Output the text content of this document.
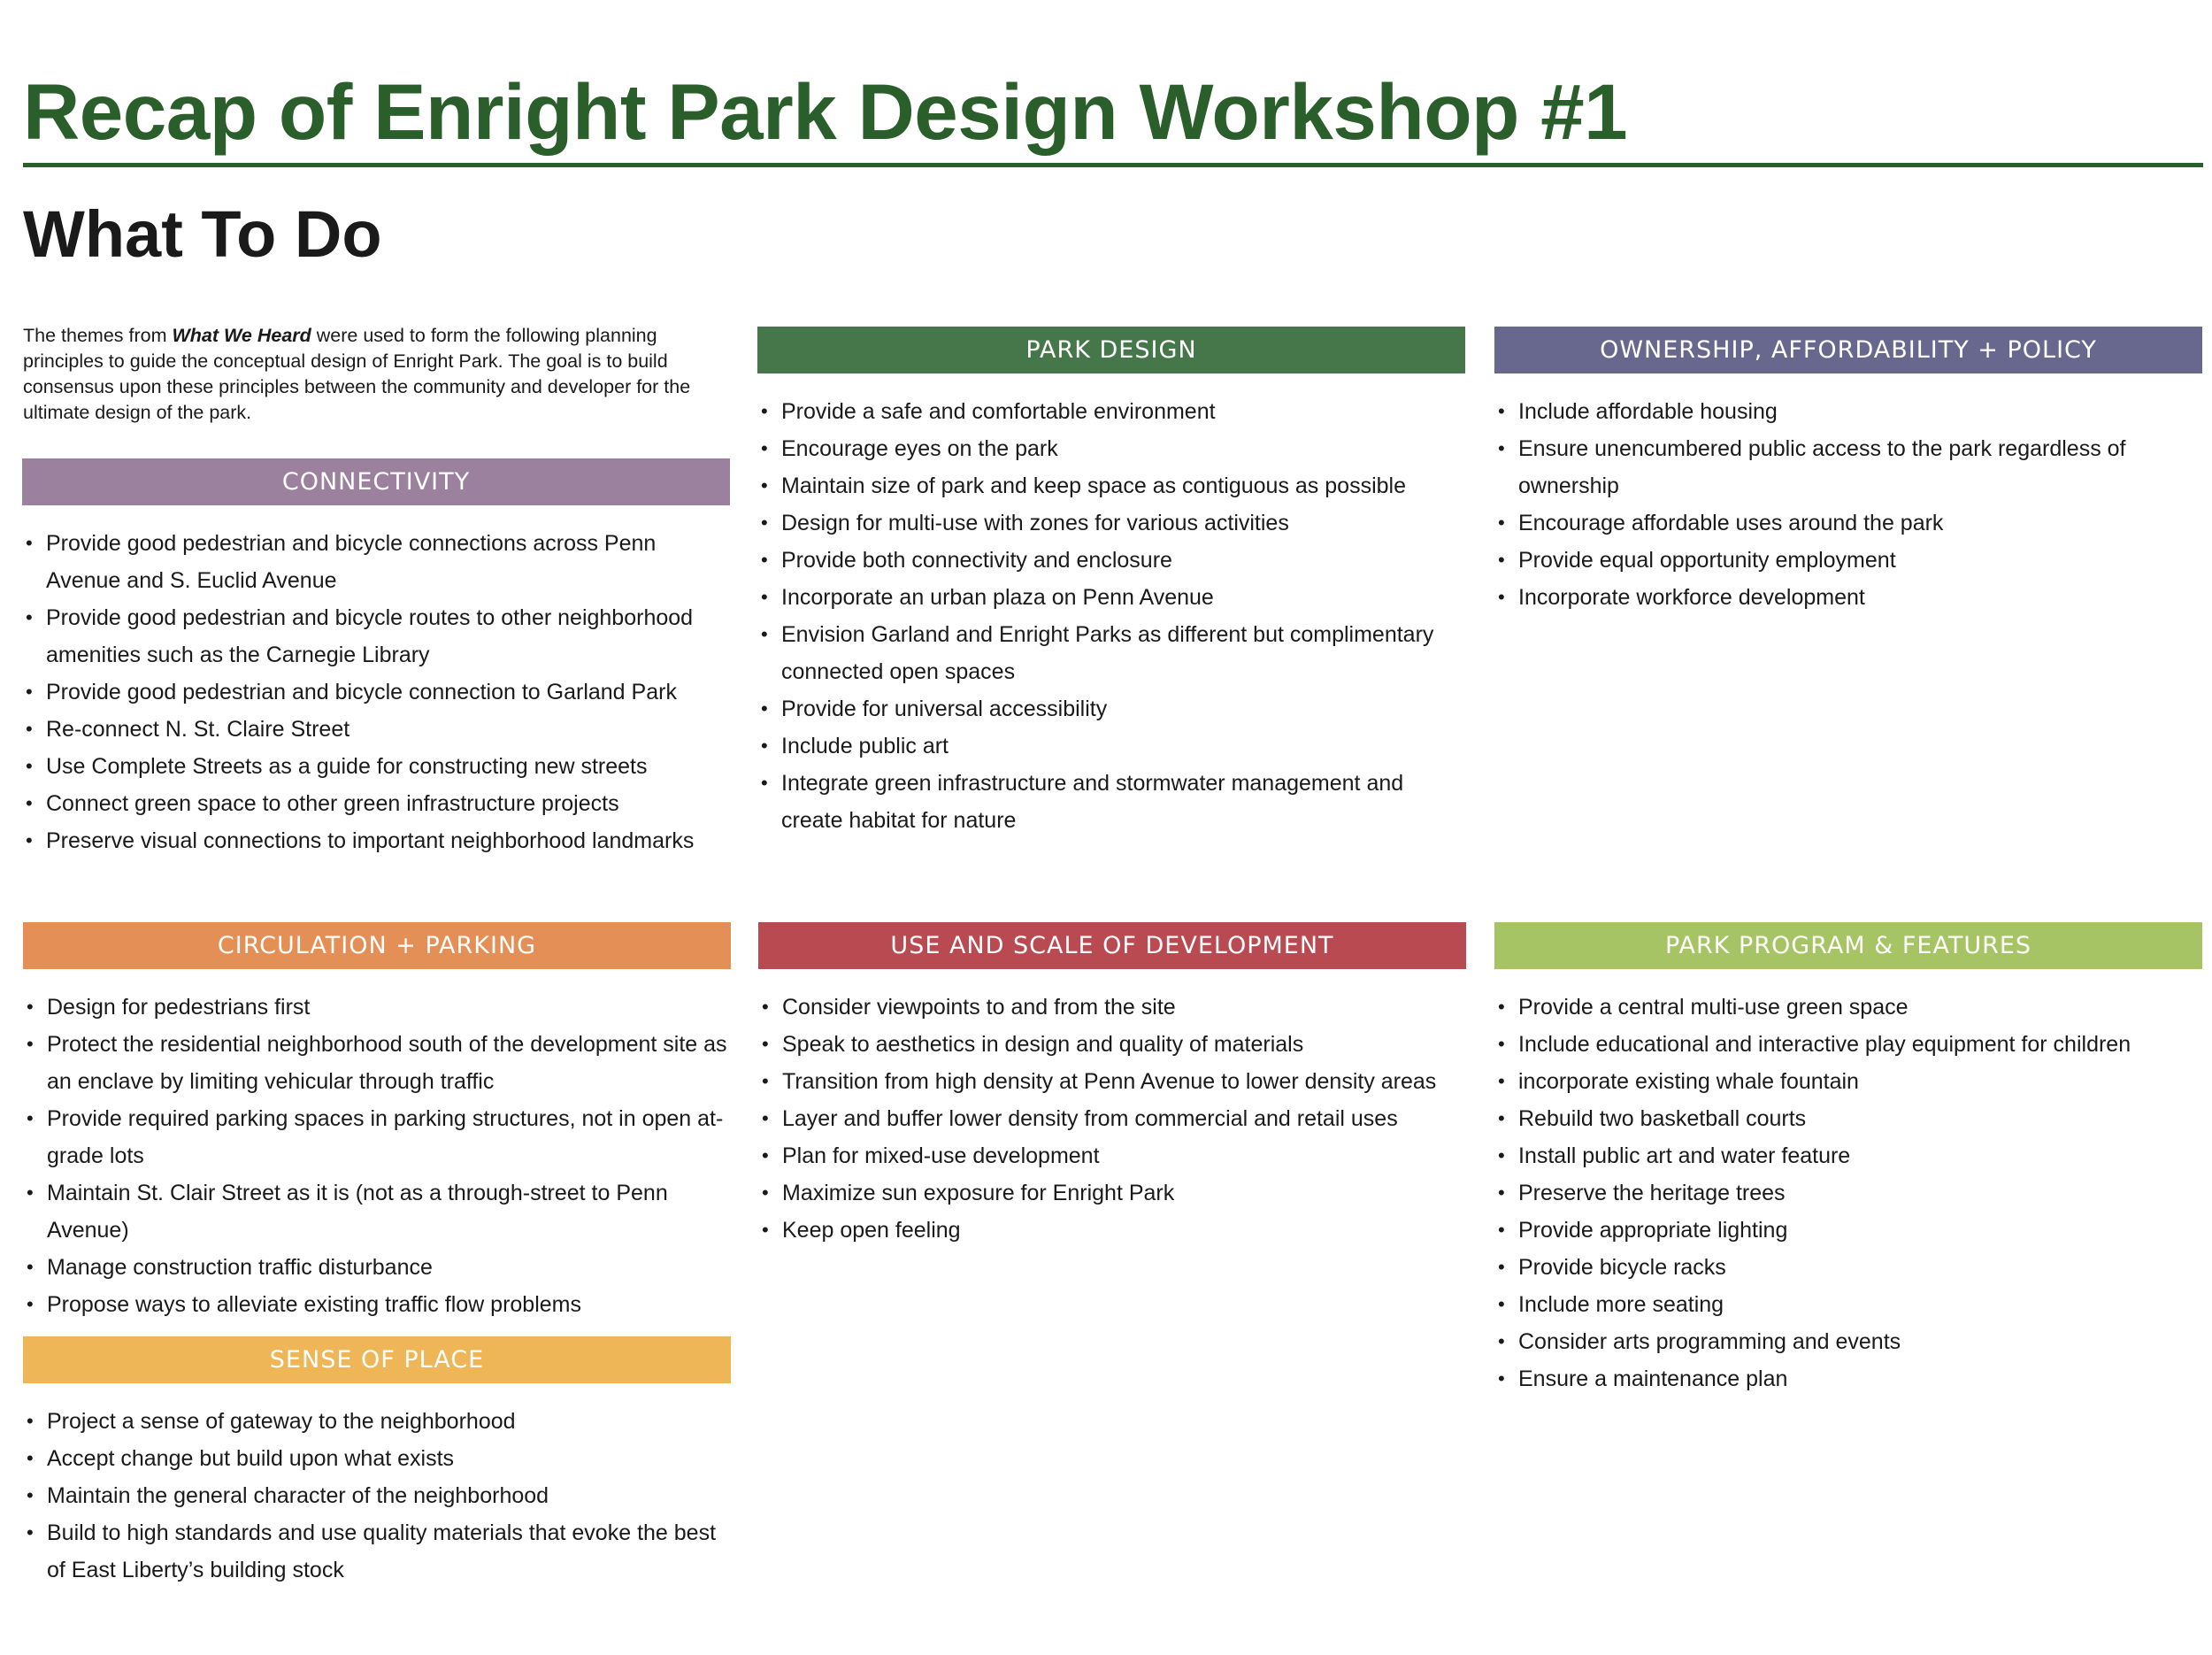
Recap of Enright Park Design Workshop #1
What To Do

The themes from What We Heard were used to form the following planning principles to guide the conceptual design of Enright Park. The goal is to build consensus upon these principles between the community and developer for the ultimate design of the park.

CONNECTIVITY
• Provide good pedestrian and bicycle connections across Penn Avenue and S. Euclid Avenue
• Provide good pedestrian and bicycle routes to other neighborhood amenities such as the Carnegie Library
• Provide good pedestrian and bicycle connection to Garland Park
• Re-connect N. St. Claire Street
• Use Complete Streets as a guide for constructing new streets
• Connect green space to other green infrastructure projects
• Preserve visual connections to important neighborhood landmarks
PARK DESIGN
• Provide a safe and comfortable environment
• Encourage eyes on the park
• Maintain size of park and keep space as contiguous as possible
• Design for multi-use with zones for various activities
• Provide both connectivity and enclosure
• Incorporate an urban plaza on Penn Avenue
• Envision Garland and Enright Parks as different but complimentary connected open spaces
• Provide for universal accessibility
• Include public art
• Integrate green infrastructure and stormwater management and create habitat for nature
OWNERSHIP, AFFORDABILITY + POLICY
• Include affordable housing
• Ensure unencumbered public access to the park regardless of ownership
• Encourage affordable uses around the park
• Provide equal opportunity employment
• Incorporate workforce development
CIRCULATION + PARKING
• Design for pedestrians first
• Protect the residential neighborhood south of the development site as an enclave by limiting vehicular through traffic
• Provide required parking spaces in parking structures, not in open at-grade lots
• Maintain St. Clair Street as it is (not as a through-street to Penn Avenue)
• Manage construction traffic disturbance
• Propose ways to alleviate existing traffic flow problems
USE AND SCALE OF DEVELOPMENT
• Consider viewpoints to and from the site
• Speak to aesthetics in design and quality of materials
• Transition from high density at Penn Avenue to lower density areas
• Layer and buffer lower density from commercial and retail uses
• Plan for mixed-use development
• Maximize sun exposure for Enright Park
• Keep open feeling
PARK PROGRAM & FEATURES
• Provide a central multi-use green space
• Include educational and interactive play equipment for children
• incorporate existing whale fountain
• Rebuild two basketball courts
• Install public art and water feature
• Preserve the heritage trees
• Provide appropriate lighting
• Provide bicycle racks
• Include more seating
• Consider arts programming and events
• Ensure a maintenance plan
SENSE OF PLACE
• Project a sense of gateway to the neighborhood
• Accept change but build upon what exists
• Maintain the general character of the neighborhood
• Build to high standards and use quality materials that evoke the best of East Liberty’s building stock
